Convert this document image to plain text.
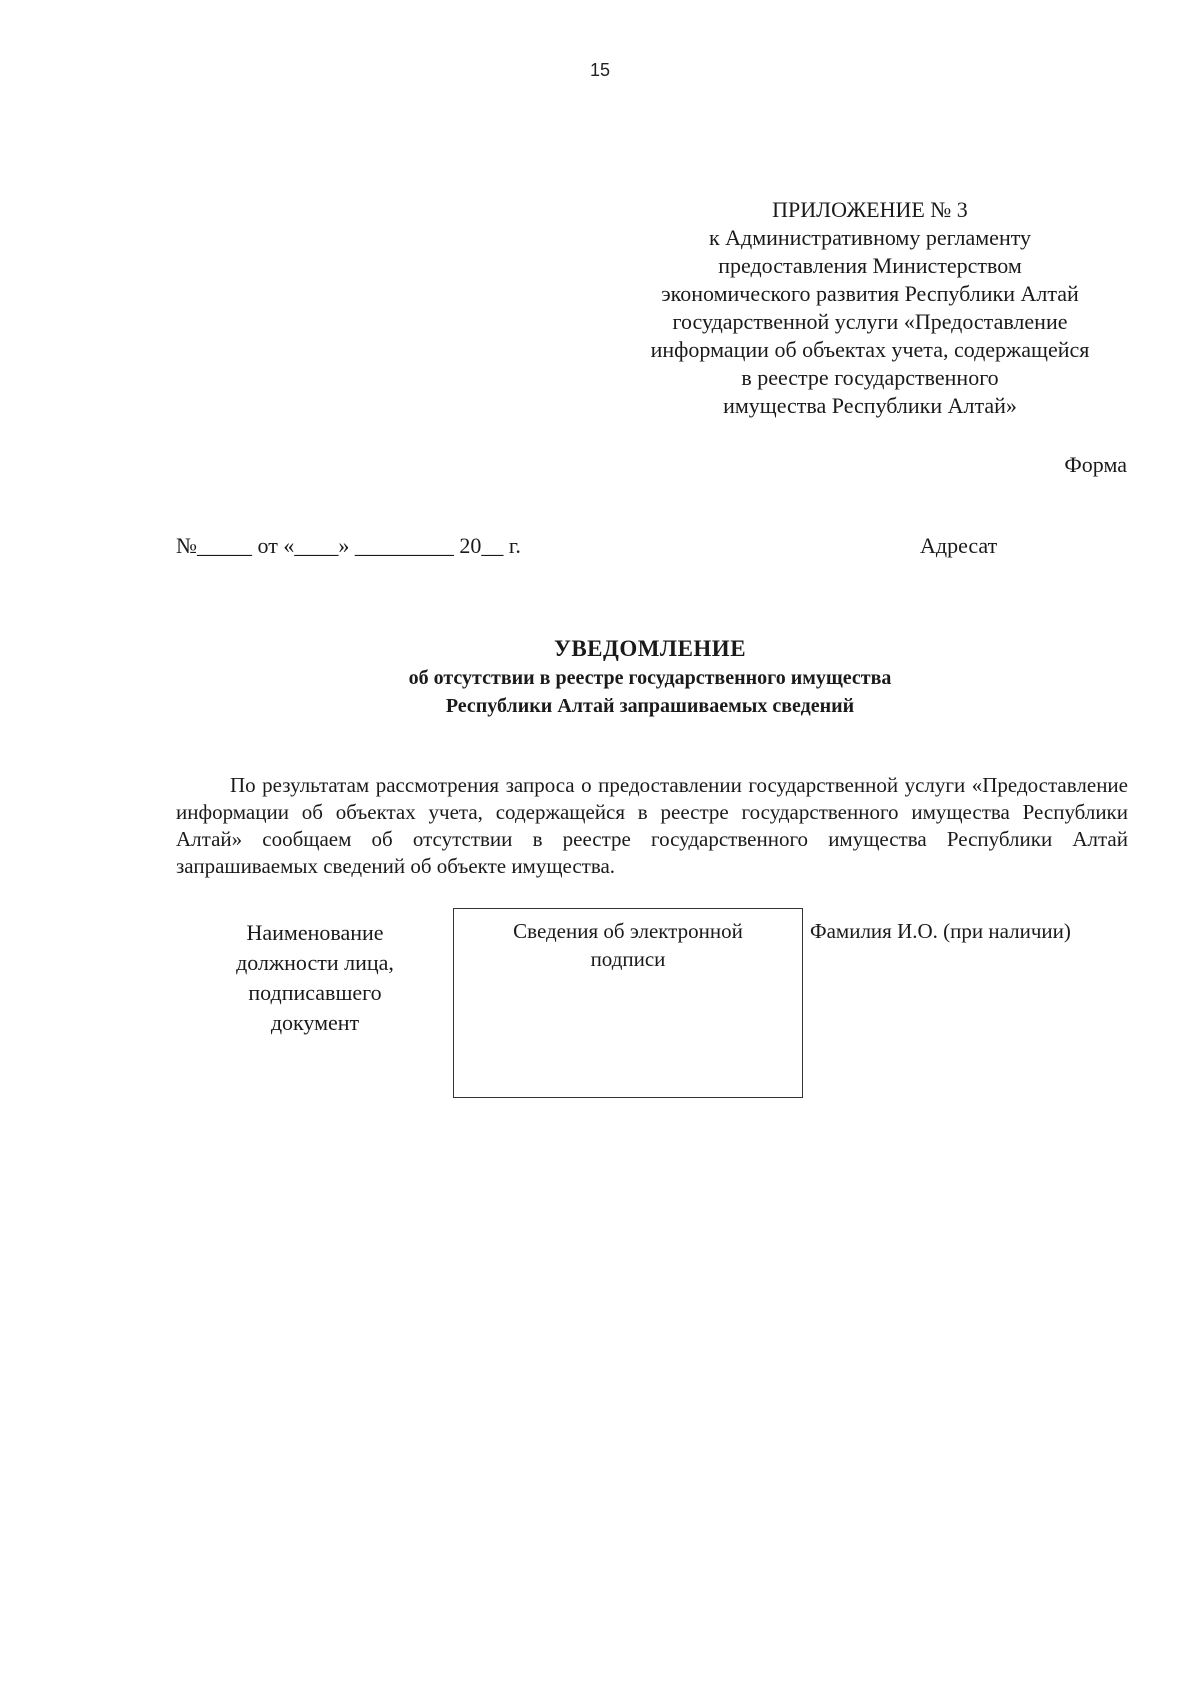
15
ПРИЛОЖЕНИЕ № 3
к Административному регламенту
предоставления Министерством
экономического развития Республики Алтай
государственной услуги «Предоставление
информации об объектах учета, содержащейся
в реестре государственного
имущества Республики Алтай»
Форма
№_____ от «____» _________ 20__ г.	Адресат
УВЕДОМЛЕНИЕ
об отсутствии в реестре государственного имущества
Республики Алтай запрашиваемых сведений
По результатам рассмотрения запроса о предоставлении государственной услуги «Предоставление информации об объектах учета, содержащейся в реестре государственного имущества Республики Алтай» сообщаем об отсутствии в реестре государственного имущества Республики Алтай запрашиваемых сведений об объекте имущества.
Наименование
должности лица,
подписавшего
документ
Сведения об электронной
подписи
Фамилия И.О. (при наличии)
